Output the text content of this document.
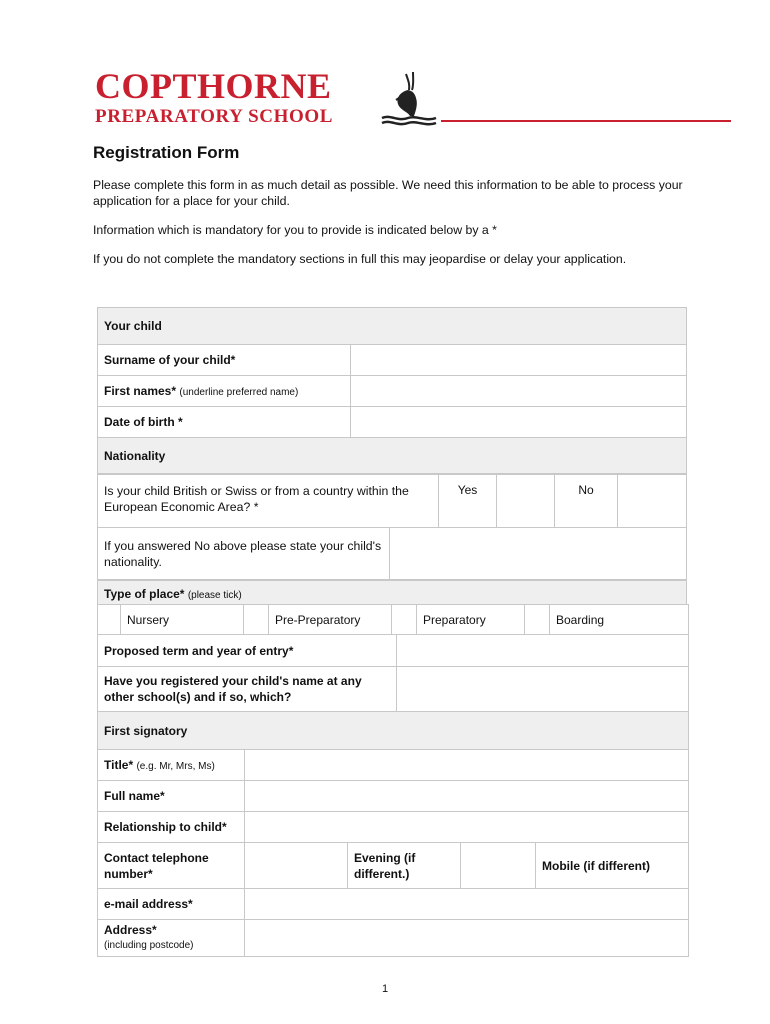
COPTHORNE
PREPARATORY SCHOOL
Registration Form
Please complete this form in as much detail as possible. We need this information to be able to process your application for a place for your child.
Information which is mandatory for you to provide is indicated below by a *
If you do not complete the mandatory sections in full this may jeopardise or delay your application.
Your child	
Surname of your child*	
First names* (underline preferred name)	
Date of birth *	
Nationality	
Is your child British or Swiss or from a country within the European Economic Area? *	Yes		No	
If you answered No above please state your child's nationality.	
Type of place* (please tick)
	Nursery		Pre-Preparatory		Preparatory		Boarding
Proposed term and year of entry*	
Have you registered your child's name at any other school(s) and if so, which?	
First signatory	
Title* (e.g. Mr, Mrs, Ms)				
Full name*				
Relationship to child*				
Contact telephone number*		Evening (if different.)		Mobile (if different)
e-mail address*				
Address*
(including postcode)				
1
